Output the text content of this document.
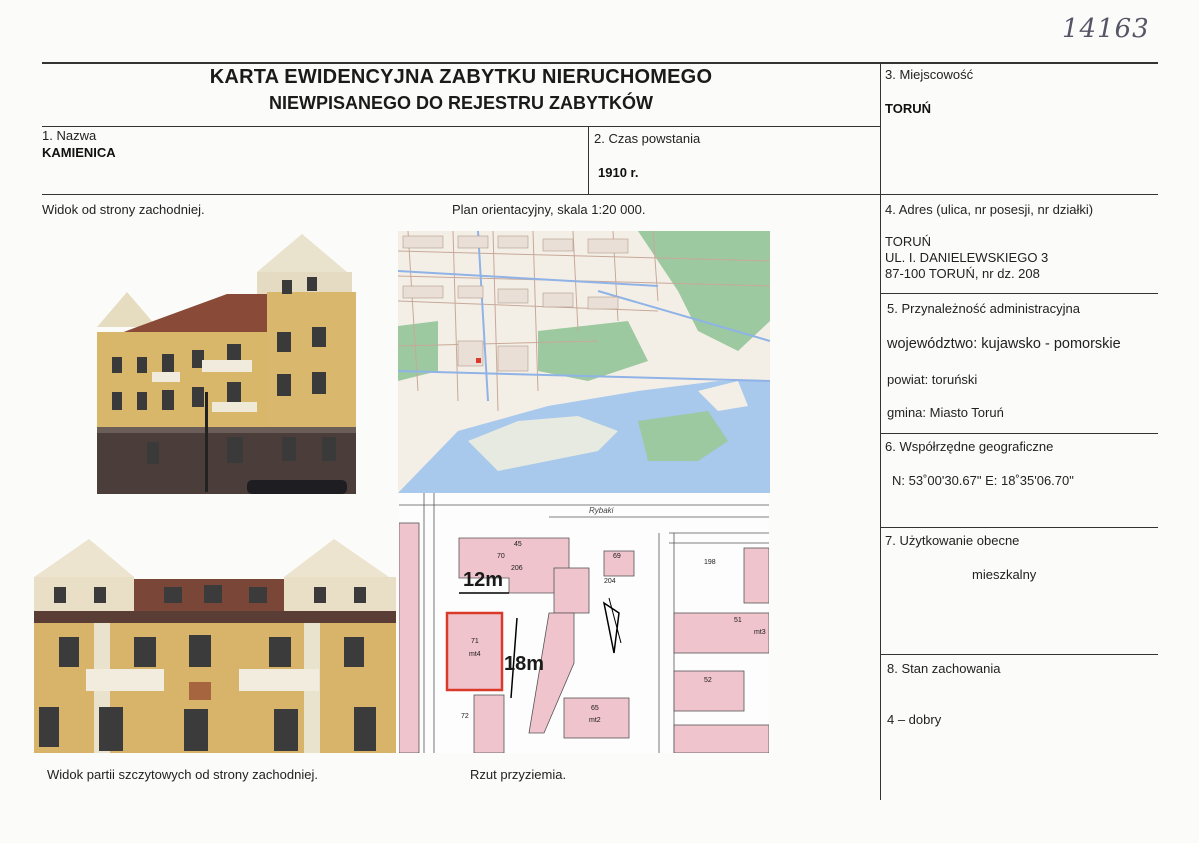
14163
KARTA EWIDENCYJNA ZABYTKU NIERUCHOMEGO
NIEWPISANEGO DO REJESTRU ZABYTKÓW
1. Nazwa
KAMIENICA
2. Czas powstania
1910 r.
3. Miejscowość
TORUŃ
4. Adres (ulica, nr posesji, nr działki)
TORUŃ
UL. I. DANIELEWSKIEGO 3
87-100 TORUŃ, nr dz. 208
5. Przynależność administracyjna
województwo: kujawsko - pomorskie
powiat: toruński
gmina: Miasto Toruń
6. Współrzędne geograficzne
N: 53˚00'30.67" E: 18˚35'06.70"
7. Użytkowanie obecne
mieszkalny
8. Stan zachowania
4 – dobry
Widok od strony zachodniej.	Plan orientacyjny, skala 1:20 000.
Widok partii szczytowych od strony zachodniej.	Rzut przyziemia.
12m
18m
Rybaki
45
70
206
69
204
71
mt4
72
65
mt2
52
51
mt3
198
